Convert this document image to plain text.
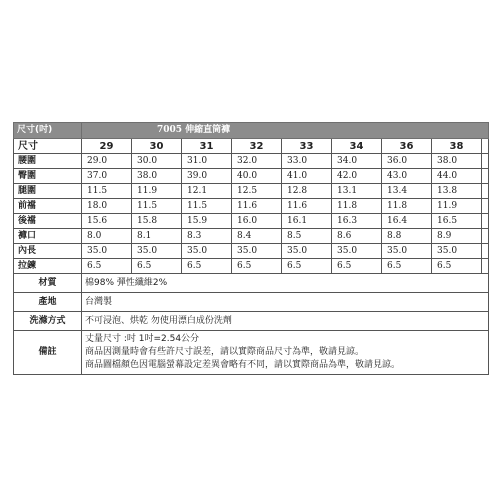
尺寸(吋)	7005 伸縮直筒褲								
尺寸	29	30	31	32	33	34	36	38	
腰圍	29.0	30.0	31.0	32.0	33.0	34.0	36.0	38.0	
臀圍	37.0	38.0	39.0	40.0	41.0	42.0	43.0	44.0	
腿圍	11.5	11.9	12.1	12.5	12.8	13.1	13.4	13.8	
前襠	18.0	11.5	11.5	11.6	11.6	11.8	11.8	11.9	
後襠	15.6	15.8	15.9	16.0	16.1	16.3	16.4	16.5	
褲口	8.0	8.1	8.3	8.4	8.5	8.6	8.8	8.9	
內長	35.0	35.0	35.0	35.0	35.0	35.0	35.0	35.0	
拉鍊	6.5	6.5	6.5	6.5	6.5	6.5	6.5	6.5	
材質	棉98% 彈性纖維2%
產地	台灣製
洗滌方式	不可浸泡、烘乾 勿使用漂白成份洗劑
備註	丈量尺寸 :吋 1吋=2.54公分
商品因測量時會有些許尺寸誤差，請以實際商品尺寸為準，敬請見諒。
商品圖檔顏色因電腦螢幕設定差異會略有不同，請以實際商品為準，敬請見諒。
